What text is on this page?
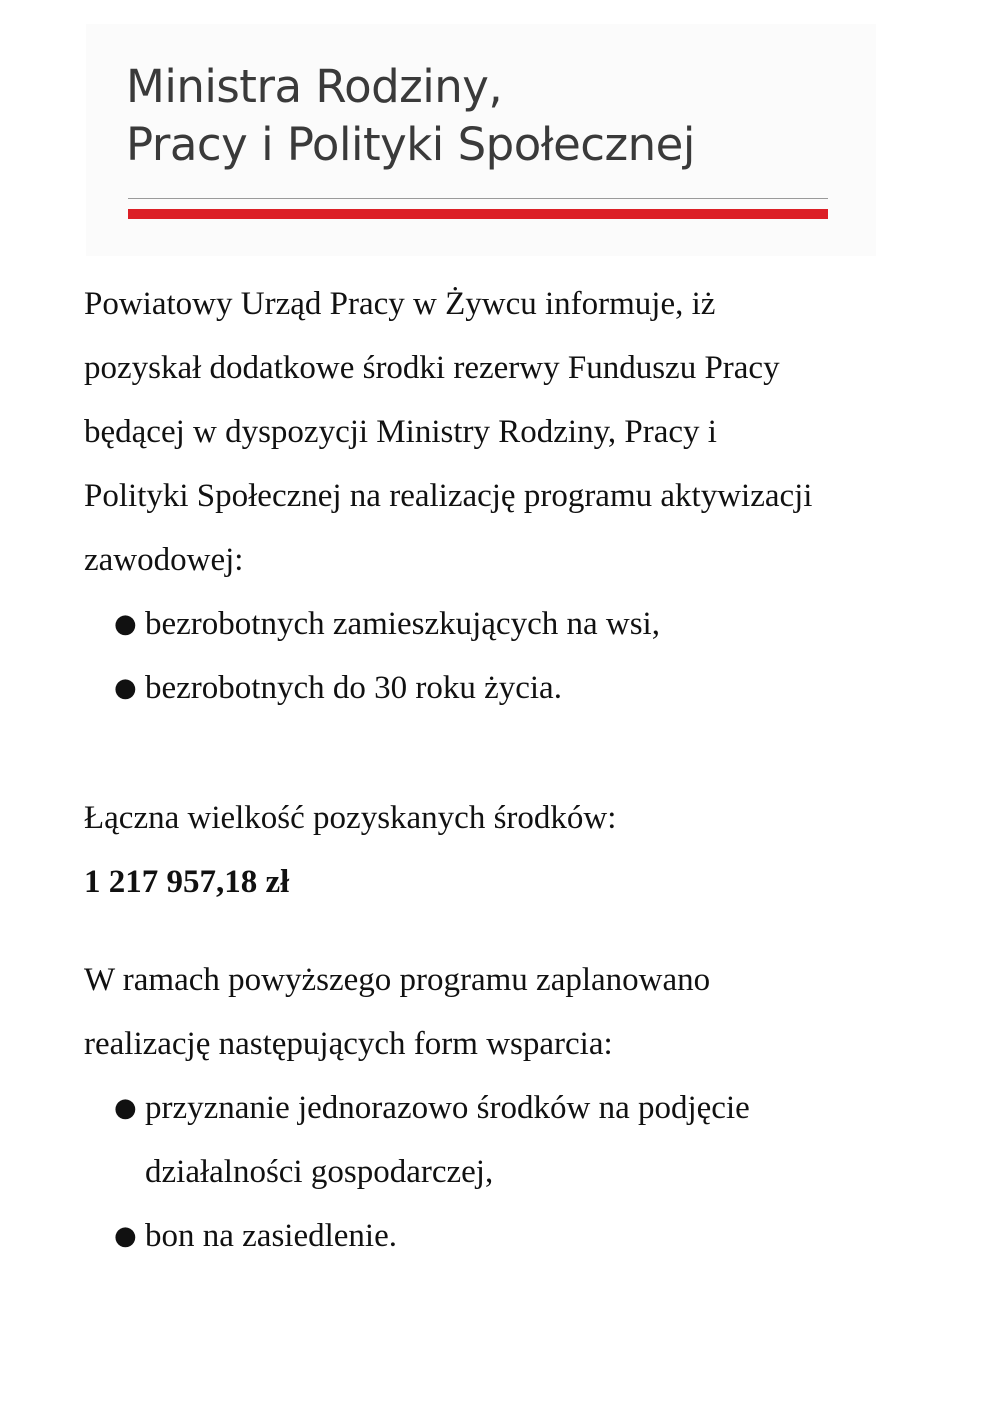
Ministra Rodziny,
Pracy i Polityki Społecznej

Powiatowy Urząd Pracy w Żywcu informuje, iż
pozyskał dodatkowe środki rezerwy Funduszu Pracy
będącej w dyspozycji Ministry Rodziny, Pracy i
Polityki Społecznej na realizację programu aktywizacji
zawodowej:

● bezrobotnych zamieszkujących na wsi,
● bezrobotnych do 30 roku życia.

Łączna wielkość pozyskanych środków:

1 217 957,18 zł

W ramach powyższego programu zaplanowano
realizację następujących form wsparcia:

● przyznanie jednorazowo środków na podjęcie
działalności gospodarczej,
● bon na zasiedlenie.
